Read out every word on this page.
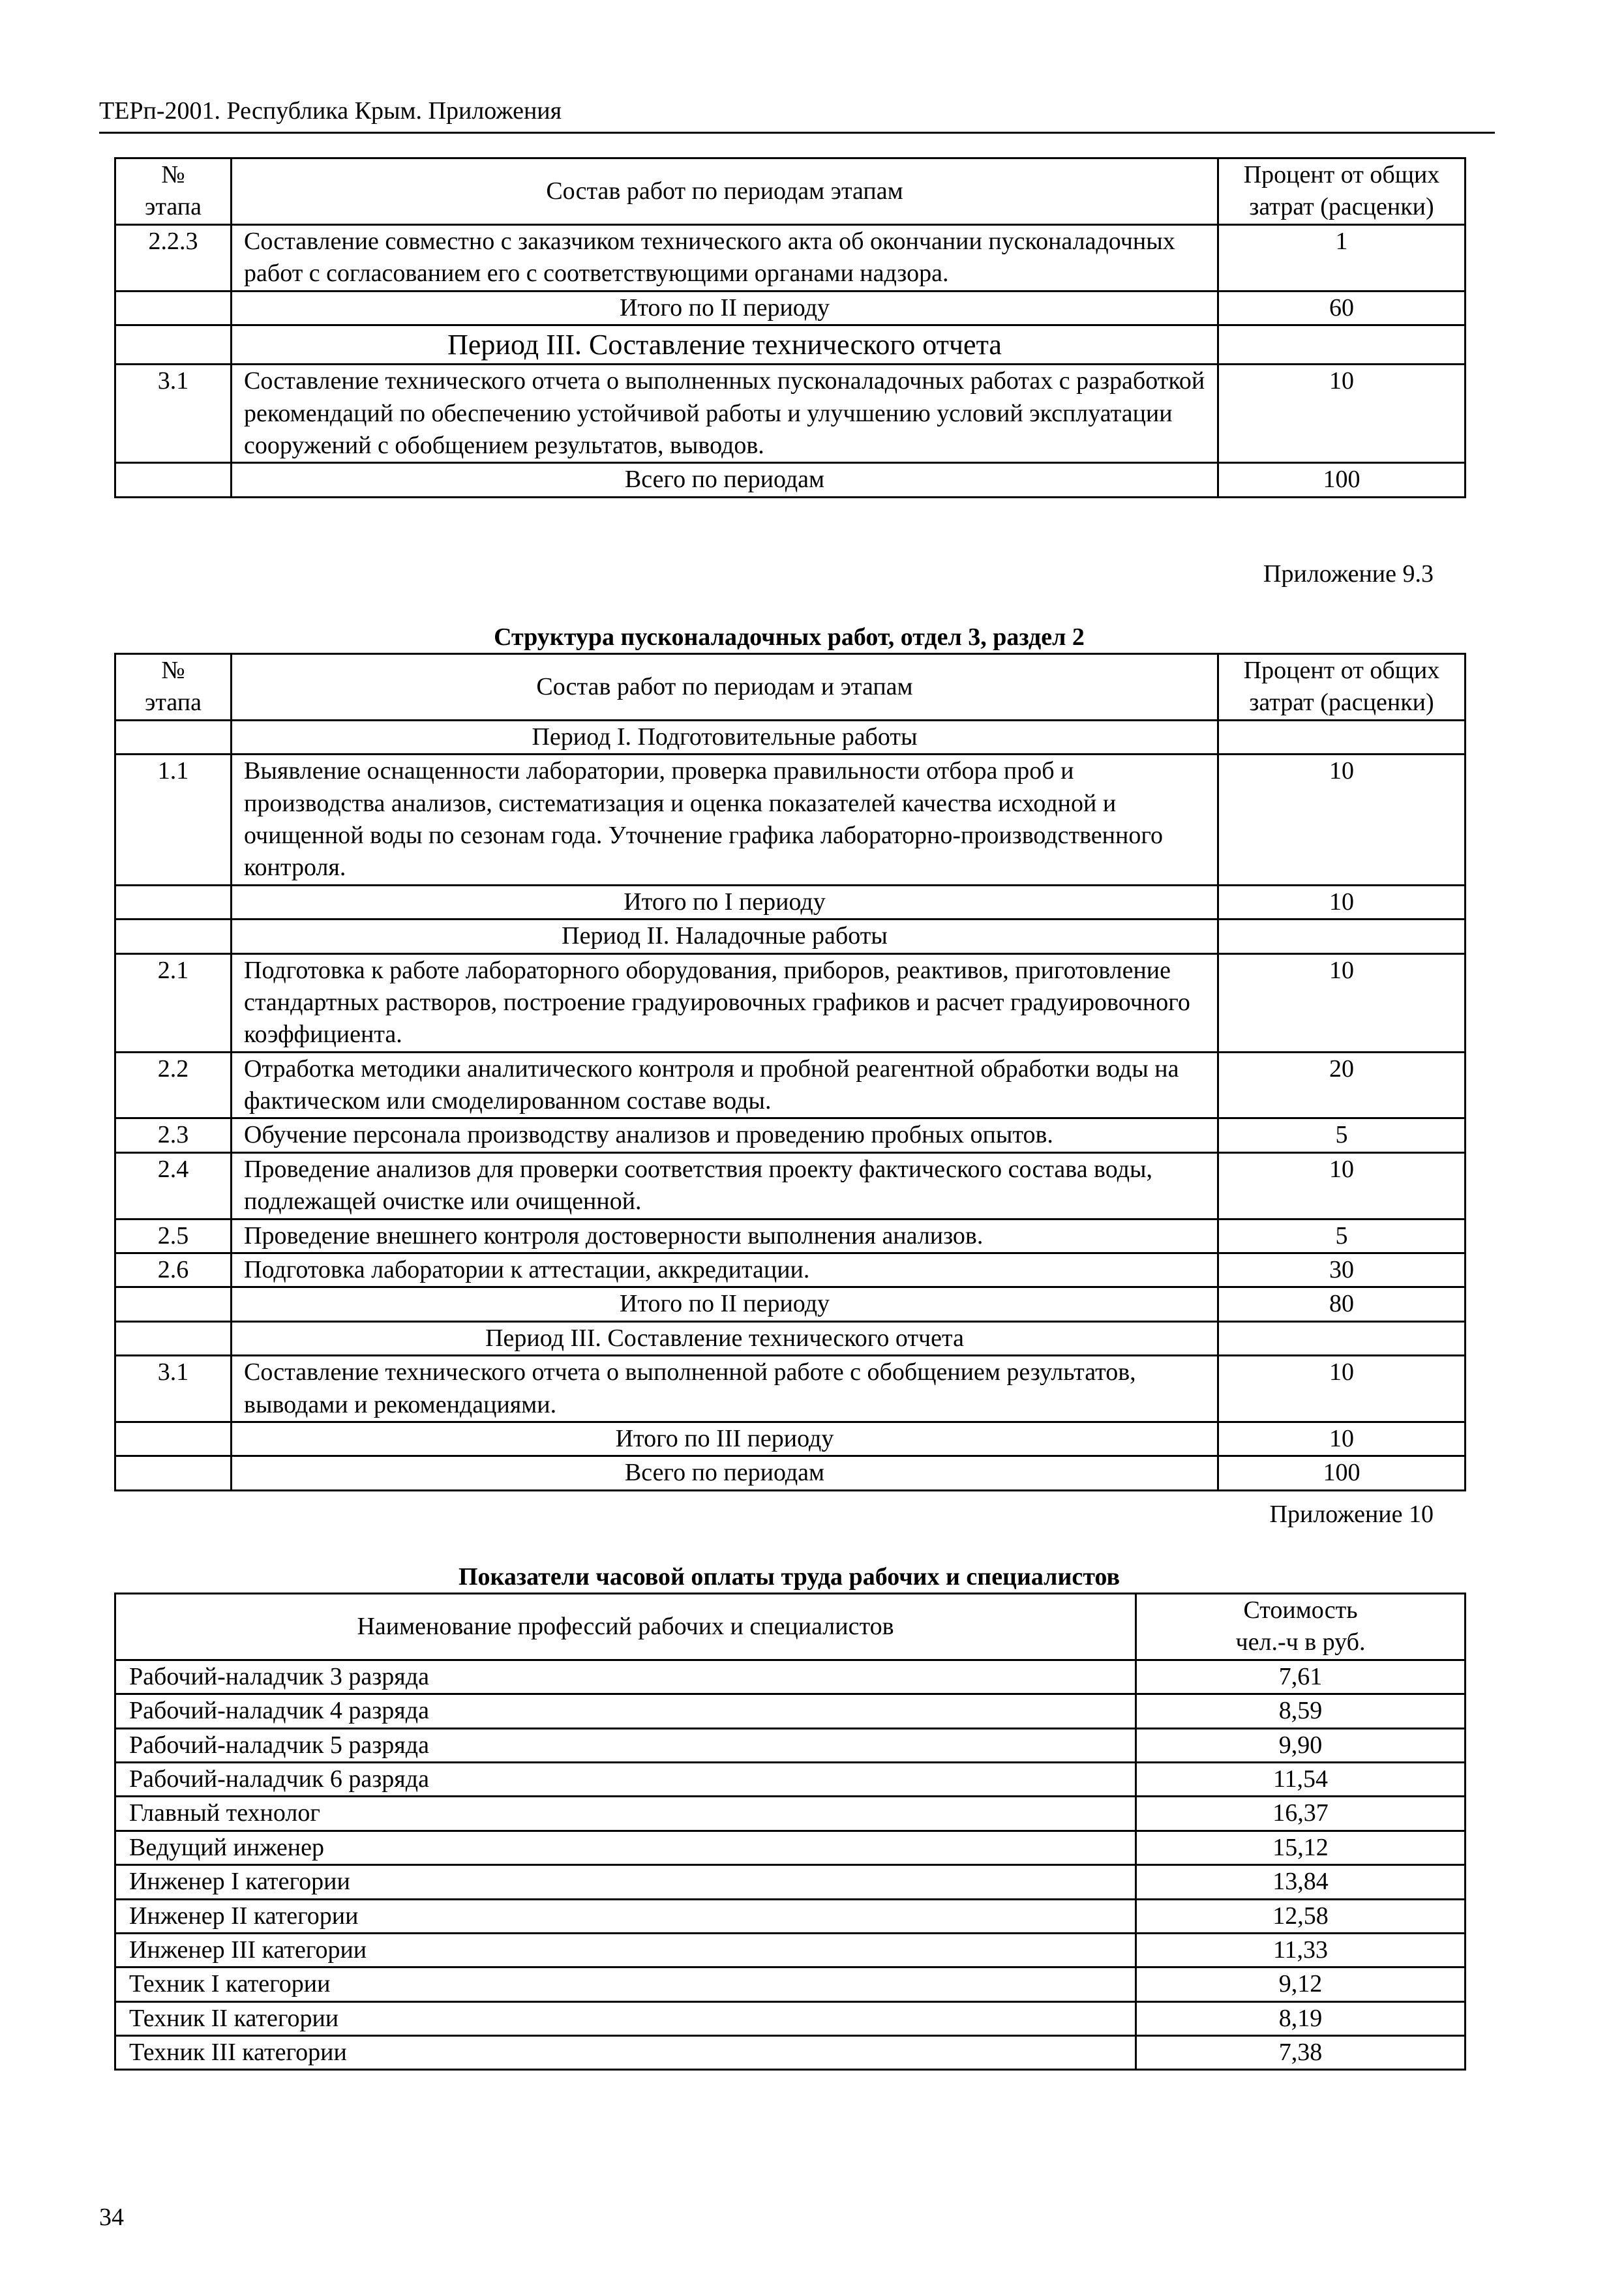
ТЕРп-2001. Республика Крым. Приложения
№
этапа	Состав работ по периодам этапам	Процент от общих
затрат (расценки)
2.2.3	Составление совместно с заказчиком технического акта об окончании пусконаладочных работ с согласованием его с соответствующими органами надзора.	1
	Итого по II периоду	60
	Период III. Составление технического отчета	
3.1	Составление технического отчета о выполненных пусконаладочных работах с разработкой рекомендаций по обеспечению устойчивой работы и улучшению условий эксплуатации сооружений с обобщением результатов, выводов.	10
	Всего по периодам	100
Приложение 9.3
Структура пусконаладочных работ, отдел 3, раздел 2
№
этапа	Состав работ по периодам и этапам	Процент от общих
затрат (расценки)
	Период I. Подготовительные работы	
1.1	Выявление оснащенности лаборатории, проверка правильности отбора проб и производства анализов, систематизация и оценка показателей качества исходной и очищенной воды по сезонам года. Уточнение графика лабораторно-производственного контроля.	10
	Итого по I периоду	10
	Период II. Наладочные работы	
2.1	Подготовка к работе лабораторного оборудования, приборов, реактивов, приготовление стандартных растворов, построение градуировочных графиков и расчет градуировочного коэффициента.	10
2.2	Отработка методики аналитического контроля и пробной реагентной обработки воды на фактическом или смоделированном составе воды.	20
2.3	Обучение персонала производству анализов и проведению пробных опытов.	5
2.4	Проведение анализов для проверки соответствия проекту фактического состава воды, подлежащей очистке или очищенной.	10
2.5	Проведение внешнего контроля достоверности выполнения анализов.	5
2.6	Подготовка лаборатории к аттестации, аккредитации.	30
	Итого по II периоду	80
	Период III. Составление технического отчета	
3.1	Составление технического отчета о выполненной работе с обобщением результатов, выводами и рекомендациями.	10
	Итого по III периоду	10
	Всего по периодам	100
Приложение 10
Показатели часовой оплаты труда рабочих и специалистов
Наименование профессий рабочих и специалистов	Стоимость
чел.-ч в руб.
Рабочий-наладчик 3 разряда	7,61
Рабочий-наладчик 4 разряда	8,59
Рабочий-наладчик 5 разряда	9,90
Рабочий-наладчик 6 разряда	11,54
Главный технолог	16,37
Ведущий инженер	15,12
Инженер I категории	13,84
Инженер II категории	12,58
Инженер III категории	11,33
Техник I категории	9,12
Техник II категории	8,19
Техник III категории	7,38
34
